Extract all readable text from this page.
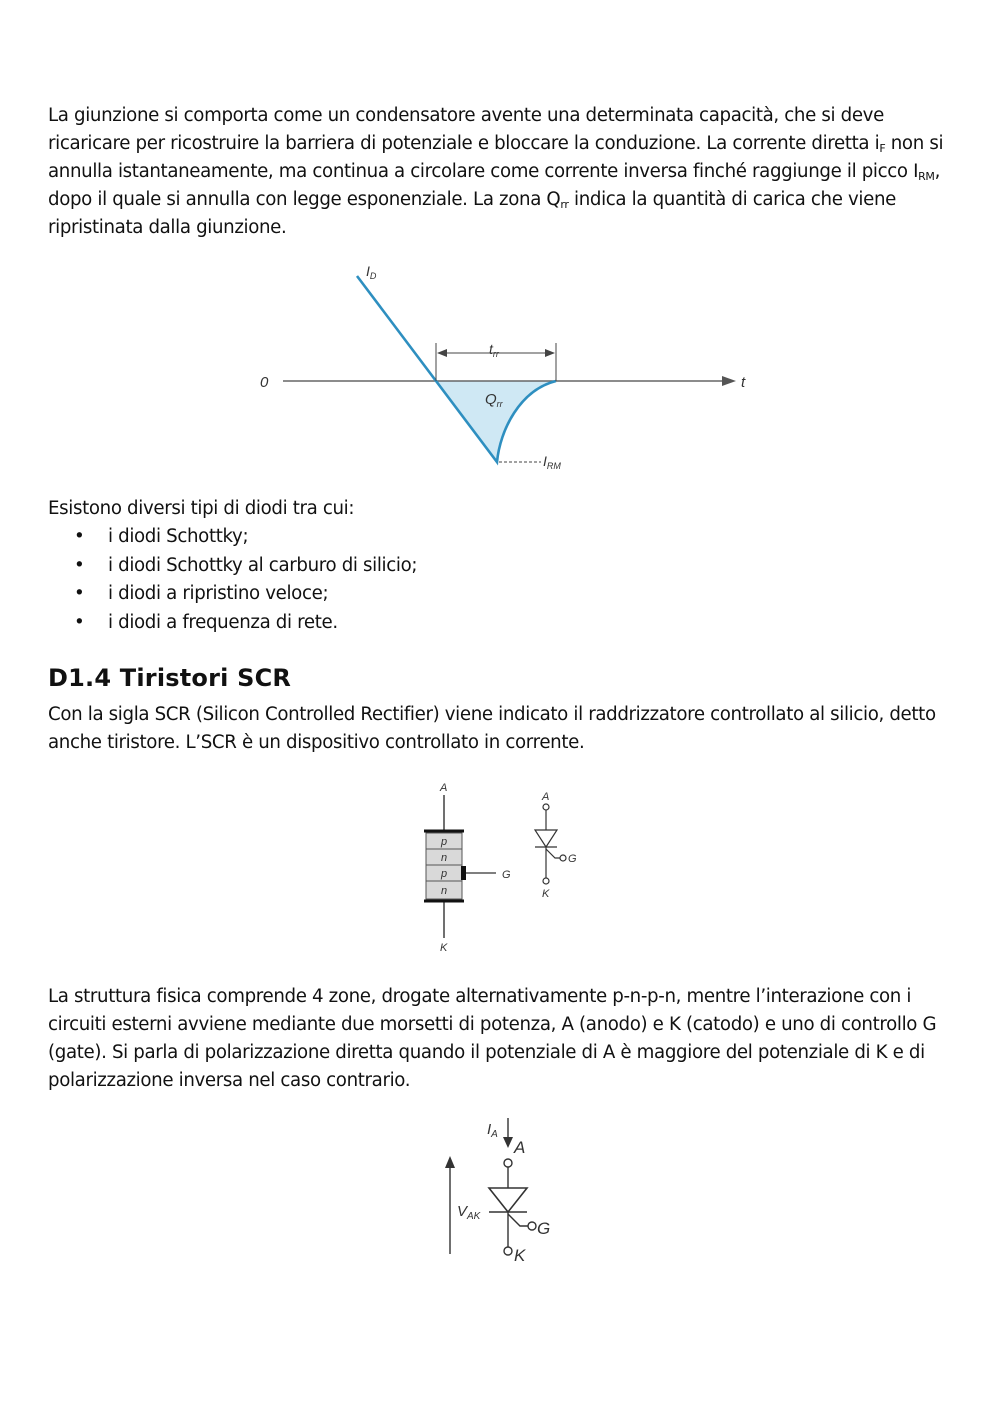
La giunzione si comporta come un condensatore avente una determinata capacità, che si deve ricaricare per ricostruire la barriera di potenziale e bloccare la conduzione. La corrente diretta $i_F$ non si annulla istantaneamente, ma continua a circolare come corrente inversa finché raggiunge il picco $I_{RM}$, dopo il quale si annulla con legge esponenziale. La zona $Q_{rr}$ indica la quantità di carica che viene ripristinata dalla giunzione.

$I_D$
0	t
$t_{rr}$
$Q_{rr}$
$I_{RM}$

Esistono diversi tipi di diodi tra cui:

• i diodi Schottky;
• i diodi Schottky al carburo di silicio;
• i diodi a ripristino veloce;
• i diodi a frequenza di rete.
D1.4 Tiristori SCR

Con la sigla SCR (Silicon Controlled Rectifier) viene indicato il raddrizzatore controllato al silicio, detto anche tiristore. L’SCR è un dispositivo controllato in corrente.

p
n
p
n
A
K
G
A
K
G

La struttura fisica comprende 4 zone, drogate alternativamente p-n-p-n, mentre l’interazione con i circuiti esterni avviene mediante due morsetti di potenza, A (anodo) e K (catodo) e uno di controllo G (gate). Si parla di polarizzazione diretta quando il potenziale di A è maggiore del potenziale di K e di polarizzazione inversa nel caso contrario.

$I_A$
A
$V_{AK}$
G
K
